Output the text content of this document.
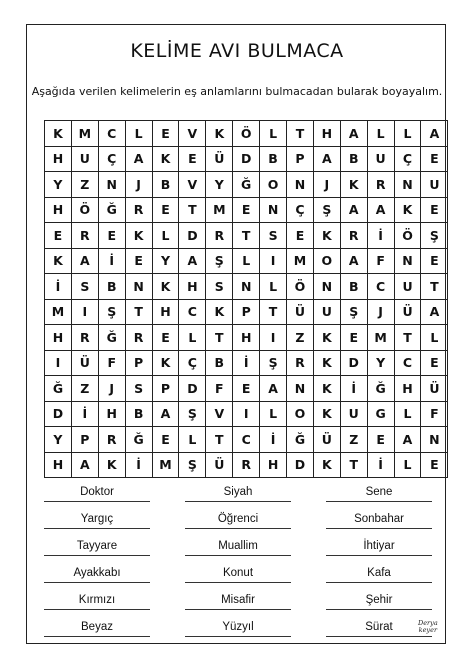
KELİME AVI BULMACA
Aşağıda verilen kelimelerin eş anlamlarını bulmacadan bularak boyayalım.
K	M	C	L	E	V	K	Ö	L	T	H	A	L	L	A
H	U	Ç	A	K	E	Ü	D	B	P	A	B	U	Ç	E
Y	Z	N	J	B	V	Y	Ğ	O	N	J	K	R	N	U
H	Ö	Ğ	R	E	T	M	E	N	Ç	Ş	A	A	K	E
E	R	E	K	L	D	R	T	S	E	K	R	İ	Ö	Ş
K	A	İ	E	Y	A	Ş	L	I	M	O	A	F	N	E
İ	S	B	N	K	H	S	N	L	Ö	N	B	C	U	T
M	I	Ş	T	H	C	K	P	T	Ü	U	Ş	J	Ü	A
H	R	Ğ	R	E	L	T	H	I	Z	K	E	M	T	L
I	Ü	F	P	K	Ç	B	İ	Ş	R	K	D	Y	C	E
Ğ	Z	J	S	P	D	F	E	A	N	K	İ	Ğ	H	Ü
D	İ	H	B	A	Ş	V	I	L	O	K	U	G	L	F
Y	P	R	Ğ	E	L	T	C	İ	Ğ	Ü	Z	E	A	N
H	A	K	İ	M	Ş	Ü	R	H	D	K	T	İ	L	E
Doktor	Siyah	Sene
Yargıç	Öğrenci	Sonbahar
Tayyare	Muallim	İhtiyar
Ayakkabı	Konut	Kafa
Kırmızı	Misafir	Şehir
Beyaz	Yüzyıl	Sürat	Derya
keyer
